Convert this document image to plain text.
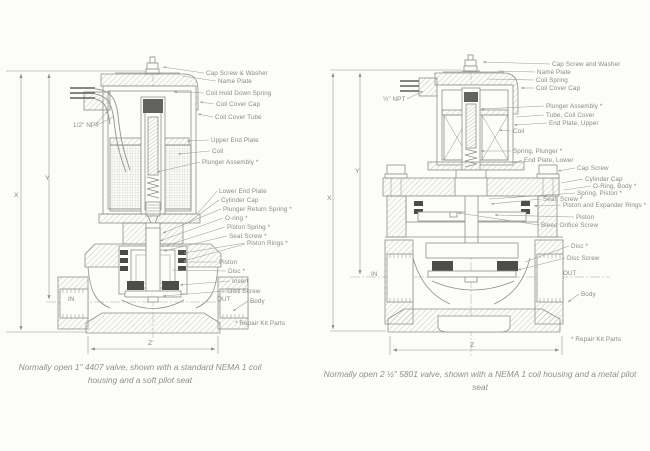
Cap Screw & Washer
Name Plate
Coil Hold Down Spring
Coil Cover Cap
Coil Cover Tube
Upper End Plate
Coil
Plunger Assembly *
Lower End Plate
Cylinder Cap
Plunger Return Spring *
O-ring *
Piston Spring *
Seat Screw *
Piston Rings *
Piston
Disc *
Insert
Disc Screw
Body
1/2" NPT
IN	OUT
* Repair Kit Parts
X
Y
Z
Normally open 1" 4407 valve, shown with a standard NEMA 1 coil
housing and a soft pilot seat
Cap Screw and Washer
Name Plate
Coil Spring
Coil Cover Cap
½" NPT
Plunger Assembly *
Tube, Coil Cover
End Plate, Upper
Coil
Spring, Plunger *
End Plate, Lower
Cap Screw
Cylinder Cap
O-Ring, Body *
Spring, Piston *
Seat, Screw *
Piston and Expander Rings *
Piston
Bleed Orifice Screw
Disc *
Disc Screw
IN	OUT
Body
* Repair Kit Parts
X
Y
Z
Normally open 2 ½" 5801 valve, shown with a NEMA 1 coil housing and a metal pilot
seat
